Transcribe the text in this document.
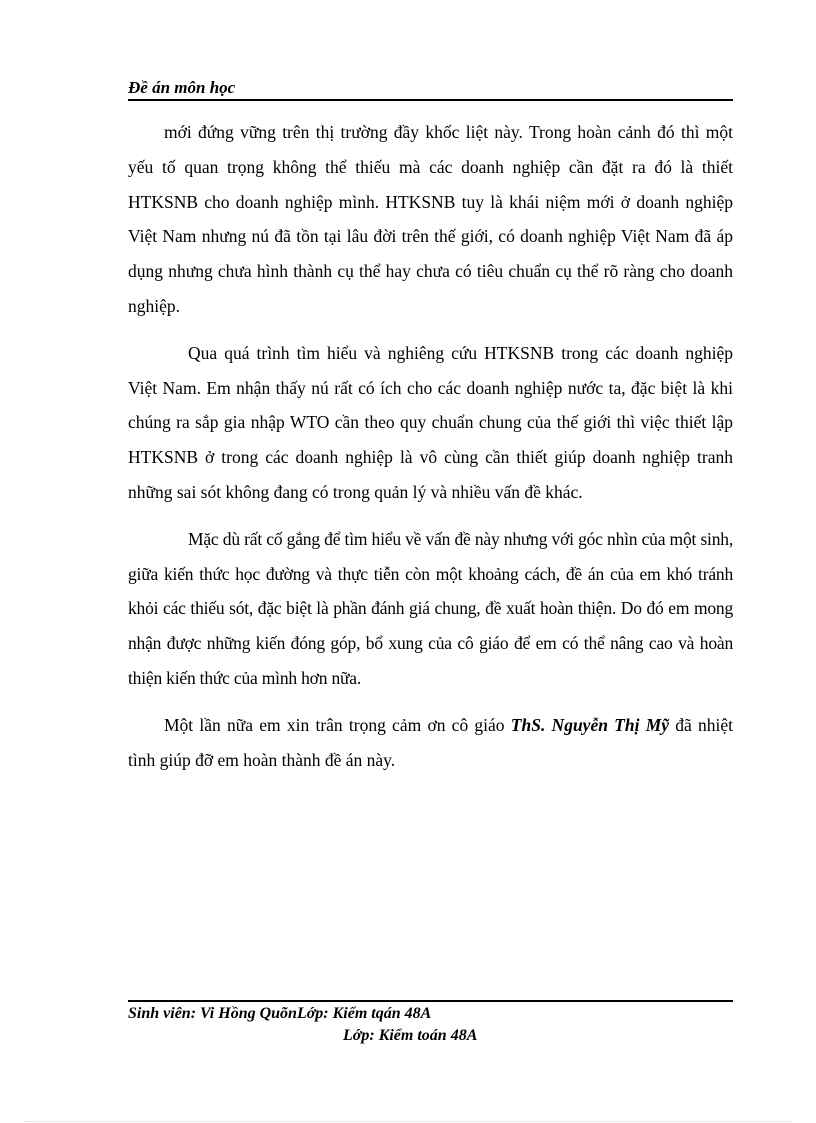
Đề án môn học

mới đứng vững trên thị trường đầy khốc liệt này. Trong hoàn cảnh đó thì một yếu tố quan trọng không thể thiếu mà các doanh nghiệp cần đặt ra đó là thiết HTKSNB cho doanh nghiệp mình. HTKSNB tuy là khái niệm mới ở doanh nghiệp Việt Nam nhưng nú đã tồn tại lâu đời trên thế giới, có doanh nghiệp Việt Nam đã áp dụng nhưng chưa hình thành cụ thể hay chưa có tiêu chuẩn cụ thể rõ ràng cho doanh nghiệp.

Qua quá trình tìm hiểu và nghiêng cứu HTKSNB trong các doanh nghiệp Việt Nam. Em nhận thấy nú rất có ích cho các doanh nghiệp nước ta, đặc biệt là khi chúng ra sắp gia nhập WTO cần theo quy chuẩn chung của thế giới thì việc thiết lập HTKSNB ở trong các doanh nghiệp là vô cùng cần thiết giúp doanh nghiệp tranh những sai sót không đang có trong quản lý và nhiều vấn đề khác.

Mặc dù rất cố gắng để tìm hiểu về vấn đề này nhưng với góc nhìn của một sinh, giữa kiến thức học đường và thực tiễn còn một khoảng cách, đề án của em khó tránh khỏi các thiếu sót, đặc biệt là phần đánh giá chung, đề xuất hoàn thiện. Do đó em mong nhận được những kiến đóng góp, bổ xung của cô giáo để em có thể nâng cao và hoàn thiện kiến thức của mình hơn nữa.

Một lần nữa em xin trân trọng cảm ơn cô giáo ThS. Nguyễn Thị Mỹ đã nhiệt tình giúp đỡ em hoàn thành đề án này.

Sinh viên: Vi Hồng QuõnLớp: Kiểm tqán 48A
Lớp: Kiểm toán 48A
